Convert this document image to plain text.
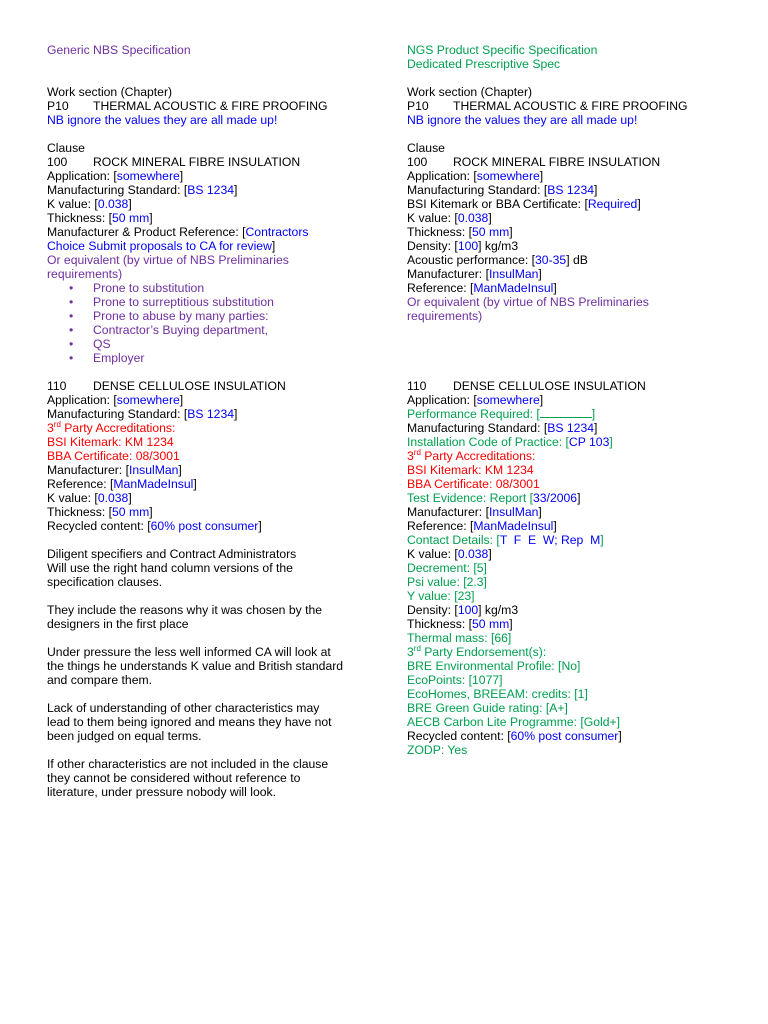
Generic NBS Specification
Work section (Chapter)
P10 THERMAL ACOUSTIC & FIRE PROOFING
NB ignore the values they are all made up!
Clause
100 ROCK MINERAL FIBRE INSULATION
Application: [somewhere]
Manufacturing Standard: [BS 1234]
K value: [0.038]
Thickness: [50 mm]
Manufacturer & Product Reference: [Contractors
Choice Submit proposals to CA for review]
Or equivalent (by virtue of NBS Preliminaries
requirements)
• Prone to substitution
• Prone to surreptitious substitution
• Prone to abuse by many parties:
• Contractor’s Buying department,
• QS
• Employer
110 DENSE CELLULOSE INSULATION
Application: [somewhere]
Manufacturing Standard: [BS 1234]
3rd Party Accreditations:
BSI Kitemark: KM 1234
BBA Certificate: 08/3001
Manufacturer: [InsulMan]
Reference: [ManMadeInsul]
K value: [0.038]
Thickness: [50 mm]
Recycled content: [60% post consumer]
Diligent specifiers and Contract Administrators
Will use the right hand column versions of the
specification clauses.
They include the reasons why it was chosen by the
designers in the first place
Under pressure the less well informed CA will look at
the things he understands K value and British standard
and compare them.
Lack of understanding of other characteristics may
lead to them being ignored and means they have not
been judged on equal terms.
If other characteristics are not included in the clause
they cannot be considered without reference to
literature, under pressure nobody will look.
NGS Product Specific Specification
Dedicated Prescriptive Spec
Work section (Chapter)
P10 THERMAL ACOUSTIC & FIRE PROOFING
NB ignore the values they are all made up!
Clause
100 ROCK MINERAL FIBRE INSULATION
Application: [somewhere]
Manufacturing Standard: [BS 1234]
BSI Kitemark or BBA Certificate: [Required]
K value: [0.038]
Thickness: [50 mm]
Density: [100] kg/m3
Acoustic performance: [30-35] dB
Manufacturer: [InsulMan]
Reference: [ManMadeInsul]
Or equivalent (by virtue of NBS Preliminaries
requirements)
110 DENSE CELLULOSE INSULATION
Application: [somewhere]
Performance Required: [	]
Manufacturing Standard: [BS 1234]
Installation Code of Practice: [CP 103]
3rd Party Accreditations:
BSI Kitemark: KM 1234
BBA Certificate: 08/3001
Test Evidence: Report [33/2006]
Manufacturer: [InsulMan]
Reference: [ManMadeInsul]
Contact Details: [T  F  E  W; Rep  M]
K value: [0.038]
Decrement: [5]
Psi value: [2.3]
Y value: [23]
Density: [100] kg/m3
Thickness: [50 mm]
Thermal mass: [66]
3rd Party Endorsement(s):
BRE Environmental Profile: [No]
EcoPoints: [1077]
EcoHomes, BREEAM: credits: [1]
BRE Green Guide rating: [A+]
AECB Carbon Lite Programme: [Gold+]
Recycled content: [60% post consumer]
ZODP: Yes
